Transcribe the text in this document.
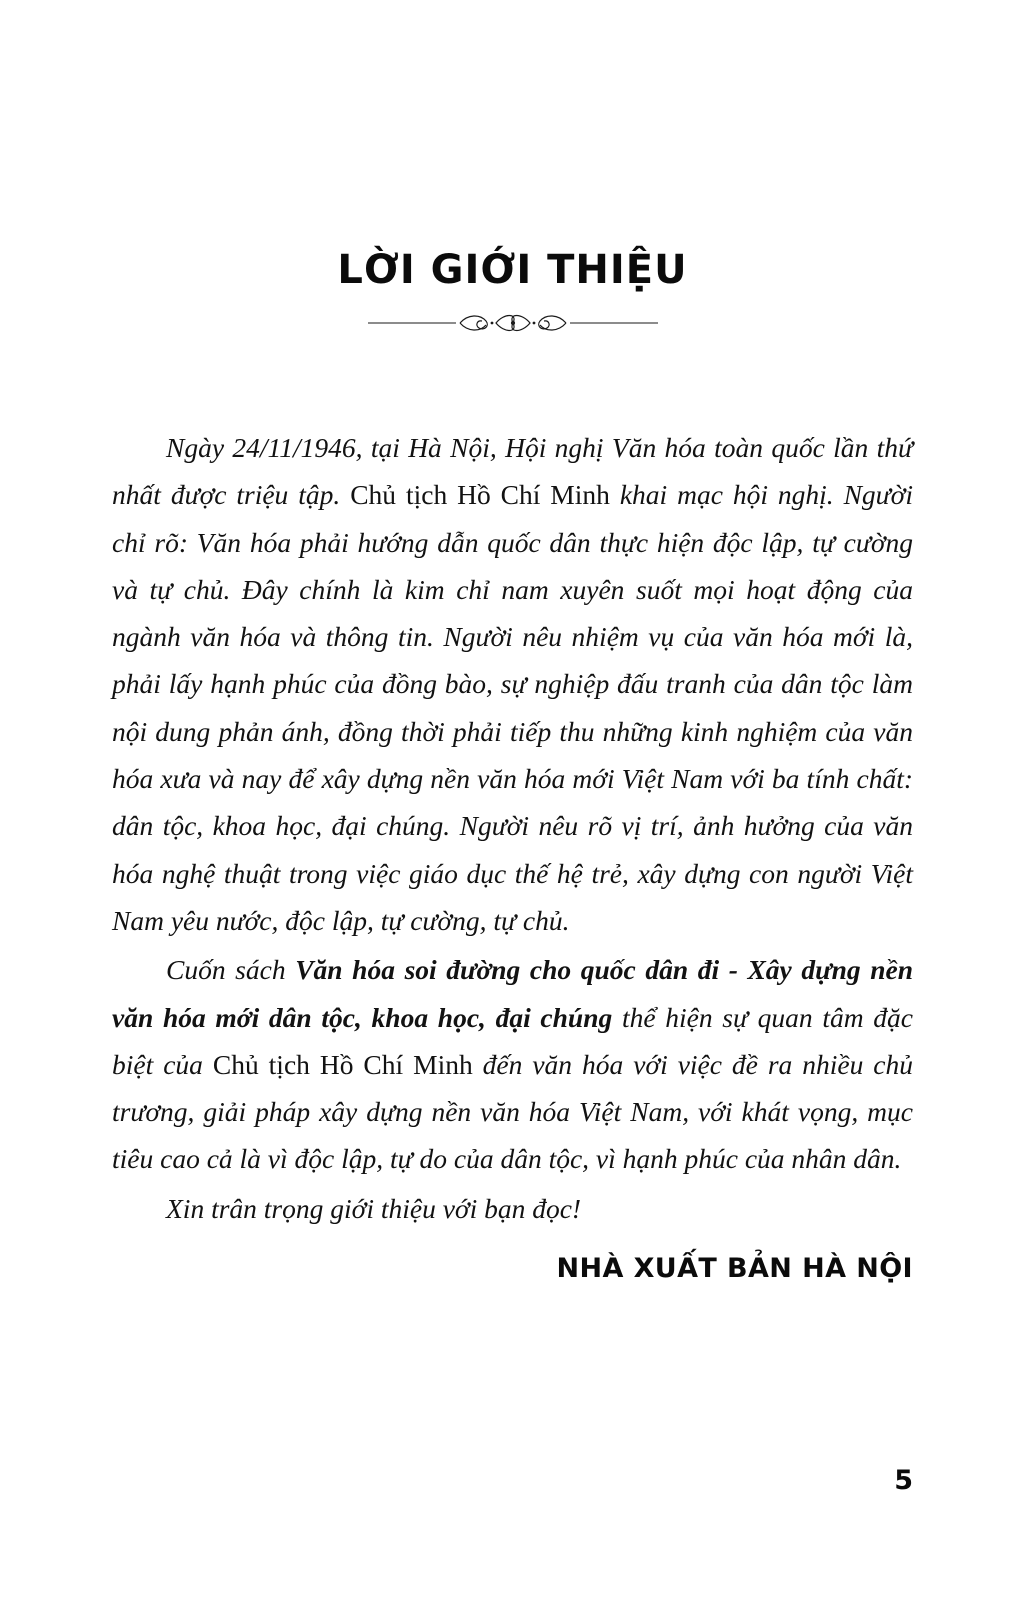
LỜI GIỚI THIỆU

Ngày 24/11/1946, tại Hà Nội, Hội nghị Văn hóa toàn quốc lần thứ nhất được triệu tập. Chủ tịch Hồ Chí Minh khai mạc hội nghị. Người chỉ rõ: Văn hóa phải hướng dẫn quốc dân thực hiện độc lập, tự cường và tự chủ. Đây chính là kim chỉ nam xuyên suốt mọi hoạt động của ngành văn hóa và thông tin. Người nêu nhiệm vụ của văn hóa mới là, phải lấy hạnh phúc của đồng bào, sự nghiệp đấu tranh của dân tộc làm nội dung phản ánh, đồng thời phải tiếp thu những kinh nghiệm của văn hóa xưa và nay để xây dựng nền văn hóa mới Việt Nam với ba tính chất: dân tộc, khoa học, đại chúng. Người nêu rõ vị trí, ảnh hưởng của văn hóa nghệ thuật trong việc giáo dục thế hệ trẻ, xây dựng con người Việt Nam yêu nước, độc lập, tự cường, tự chủ.

Cuốn sách Văn hóa soi đường cho quốc dân đi - Xây dựng nền văn hóa mới dân tộc, khoa học, đại chúng thể hiện sự quan tâm đặc biệt của Chủ tịch Hồ Chí Minh đến văn hóa với việc đề ra nhiều chủ trương, giải pháp xây dựng nền văn hóa Việt Nam, với khát vọng, mục tiêu cao cả là vì độc lập, tự do của dân tộc, vì hạnh phúc của nhân dân.

Xin trân trọng giới thiệu với bạn đọc!

NHÀ XUẤT BẢN HÀ NỘI
5
